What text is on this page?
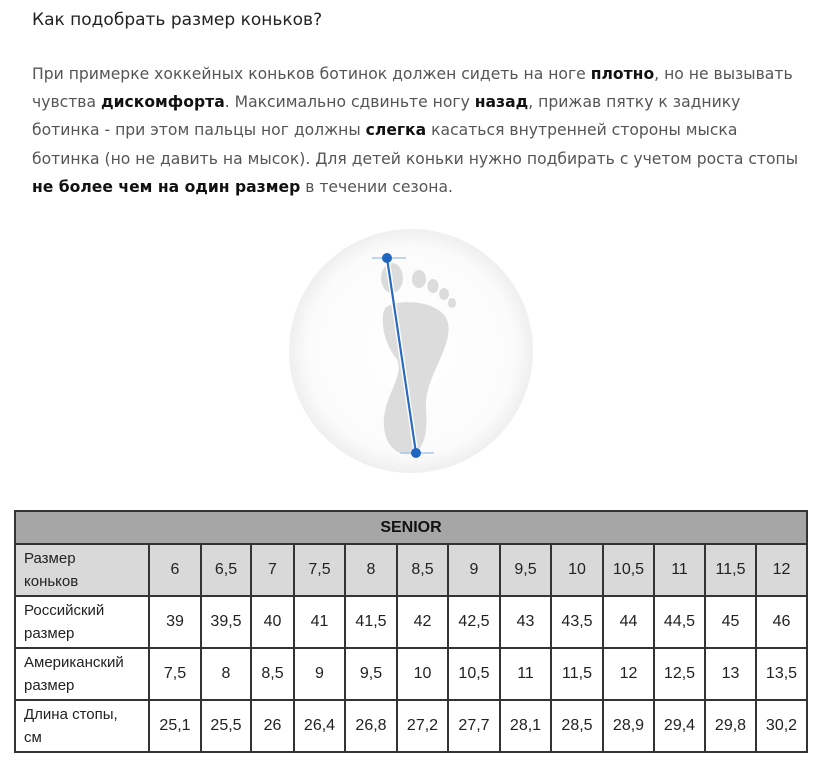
Как подобрать размер коньков?
При примерке хоккейных коньков ботинок должен сидеть на ноге плотно, но не вызывать чувства дискомфорта. Максимально сдвиньте ногу назад, прижав пятку к заднику ботинка - при этом пальцы ног должны слегка касаться внутренней стороны мыска ботинка (но не давить на мысок). Для детей коньки нужно подбирать с учетом роста стопы не более чем на один размер в течении сезона.
SENIOR													

Размер
коньков	6	6,5	7	7,5	8	8,5	9	9,5	10	10,5	11	11,5	12

Российский
размер	39	39,5	40	41	41,5	42	42,5	43	43,5	44	44,5	45	46

Американский
размер	7,5	8	8,5	9	9,5	10	10,5	11	11,5	12	12,5	13	13,5

Длина стопы,
см	25,1	25,5	26	26,4	26,8	27,2	27,7	28,1	28,5	28,9	29,4	29,8	30,2
